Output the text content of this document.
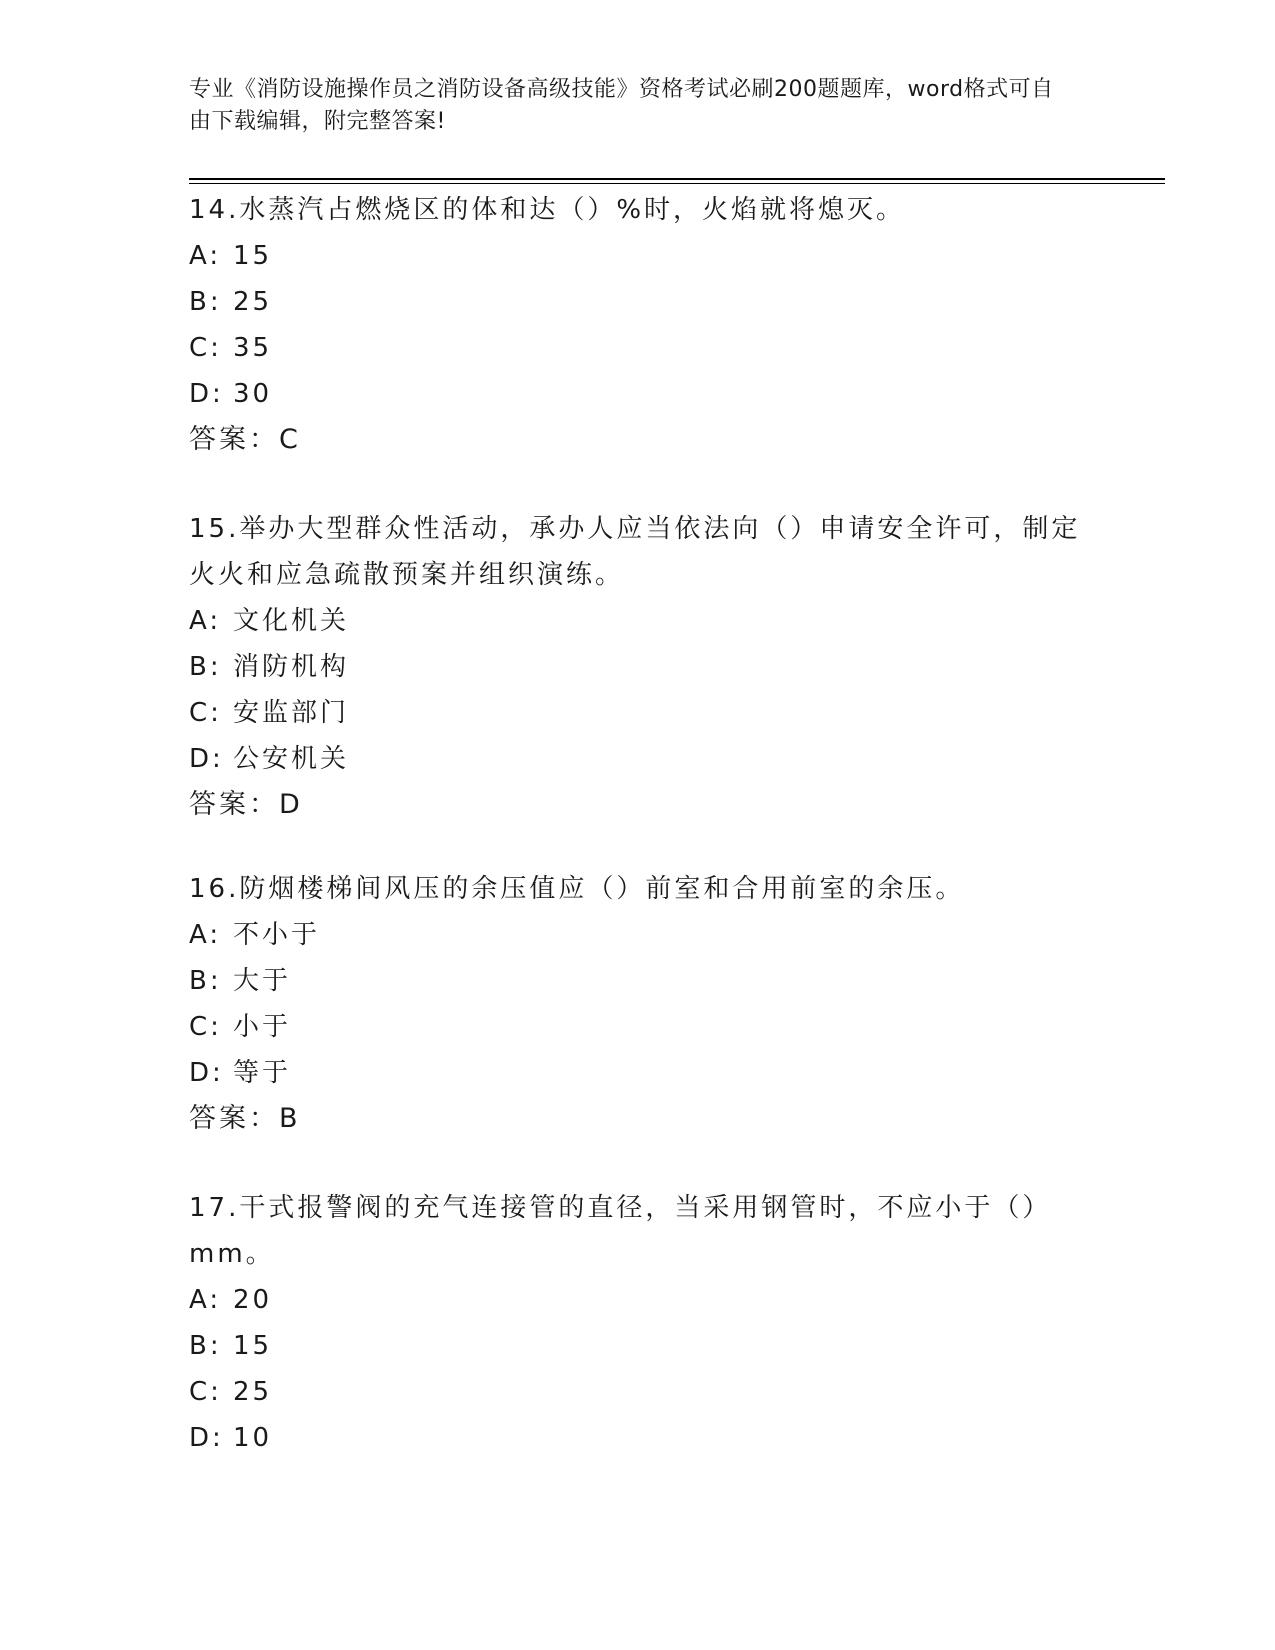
专业《消防设施操作员之消防设备高级技能》资格考试必刷200题题库，word格式可自由下载编辑，附完整答案!

14.水蒸汽占燃烧区的体和达（）%时，火焰就将熄灭。

A: 15

B: 25

C: 35

D: 30

答案：C

15.举办大型群众性活动，承办人应当依法向（）申请安全许可，制定火火和应急疏散预案并组织演练。

A: 文化机关

B: 消防机构

C: 安监部门

D: 公安机关

答案：D

16.防烟楼梯间风压的余压值应（）前室和合用前室的余压。

A: 不小于

B: 大于

C: 小于

D: 等于

答案：B

17.干式报警阀的充气连接管的直径，当采用钢管时，不应小于（）mm。

A: 20

B: 15

C: 25

D: 10
